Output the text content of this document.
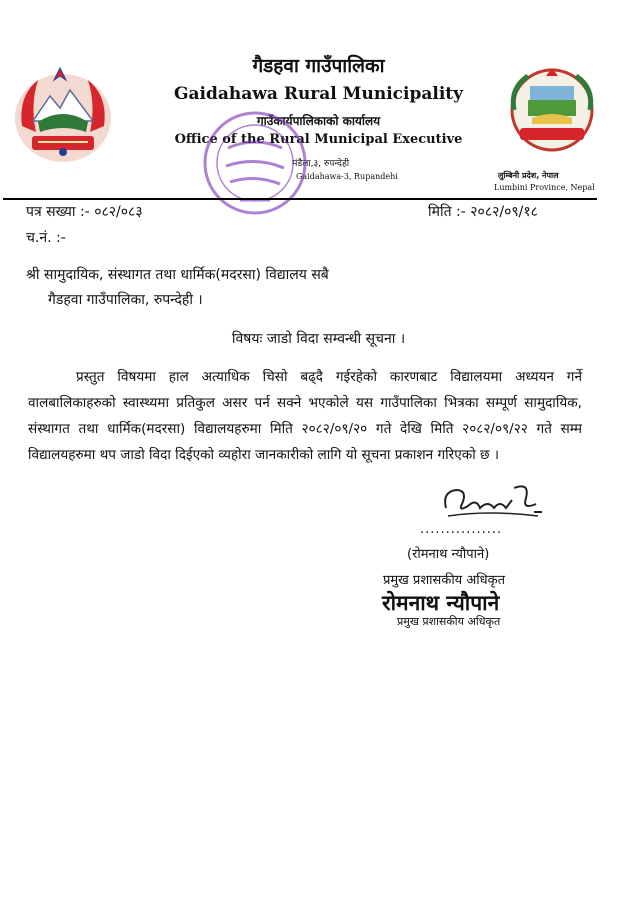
गैडहवा गाउँपालिका
Gaidahawa Rural Municipality
गाउँकार्यपालिकाको कार्यालय
Office of the Rural Municipal Executive
मंडैला,३, रुपन्देही
Gaidahawa-3, Rupandehi	लुम्बिनी प्रदेश, नेपाल
Lumbini Province, Nepal
पत्र सख्या :- ०८२/०८३	मिति :- २०८२/०९/१८
च.नं. :-
श्री सामुदायिक, संस्थागत तथा धार्मिक(मदरसा) विद्यालय सबै
गैडहवा गाउँपालिका, रुपन्देही ।
विषयः जाडो विदा सम्वन्धी सूचना ।

प्रस्तुत विषयमा हाल अत्याधिक चिसो बढ्दै गईरहेको कारणबाट विद्यालयमा अध्ययन गर्ने वालबालिकाहरुको स्वास्थ्यमा प्रतिकुल असर पर्न सक्ने भएकोले यस गाउँपालिका भित्रका सम्पूर्ण सामुदायिक, संस्थागत तथा धार्मिक(मदरसा) विद्यालयहरुमा मिति २०८२/०९/२० गते देखि मिति २०८२/०९/२२ गते सम्म विद्यालयहरुमा थप जाडो विदा दिईएको व्यहोरा जानकारीको लागि यो सूचना प्रकाशन गरिएको छ ।

................
(रोमनाथ न्यौपाने)
प्रमुख प्रशासकीय अधिकृत
रोमनाथ न्यौपाने
प्रमुख प्रशासकीय अधिकृत
